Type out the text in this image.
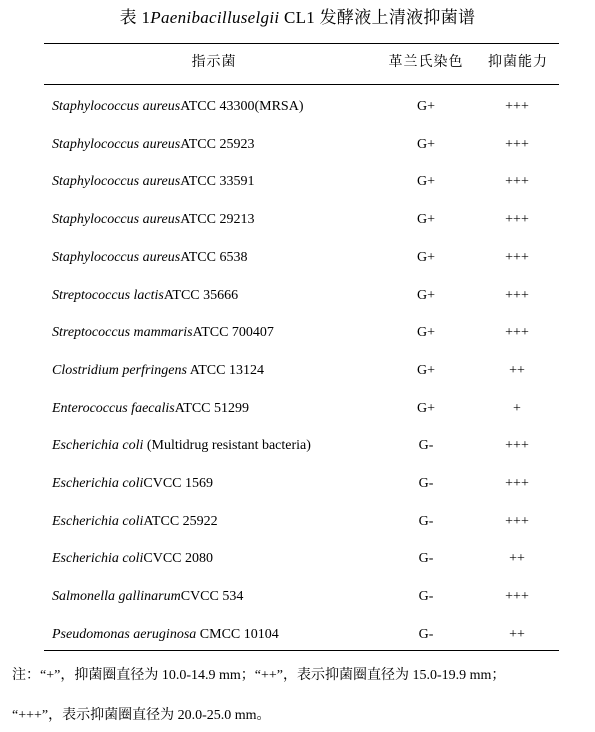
表 1Paenibacilluselgii CL1 发酵液上清液抑菌谱
指示菌	革兰氏染色	抑菌能力
Staphylococcus aureusATCC 43300(MRSA)	G+	+++
Staphylococcus aureusATCC 25923	G+	+++
Staphylococcus aureusATCC 33591	G+	+++
Staphylococcus aureusATCC 29213	G+	+++
Staphylococcus aureusATCC 6538	G+	+++
Streptococcus lactisATCC 35666	G+	+++
Streptococcus mammarisATCC 700407	G+	+++
Clostridium perfringens ATCC 13124	G+	++
Enterococcus faecalisATCC 51299	G+	+
Escherichia coli (Multidrug resistant bacteria)	G-	+++
Escherichia coliCVCC 1569	G-	+++
Escherichia coliATCC 25922	G-	+++
Escherichia coliCVCC 2080	G-	++
Salmonella gallinarumCVCC 534	G-	+++
Pseudomonas aeruginosa CMCC 10104	G-	++
注：“+”，抑菌圈直径为 10.0-14.9 mm；“++”，表示抑菌圈直径为 15.0-19.9 mm；
“+++”，表示抑菌圈直径为 20.0-25.0 mm。
